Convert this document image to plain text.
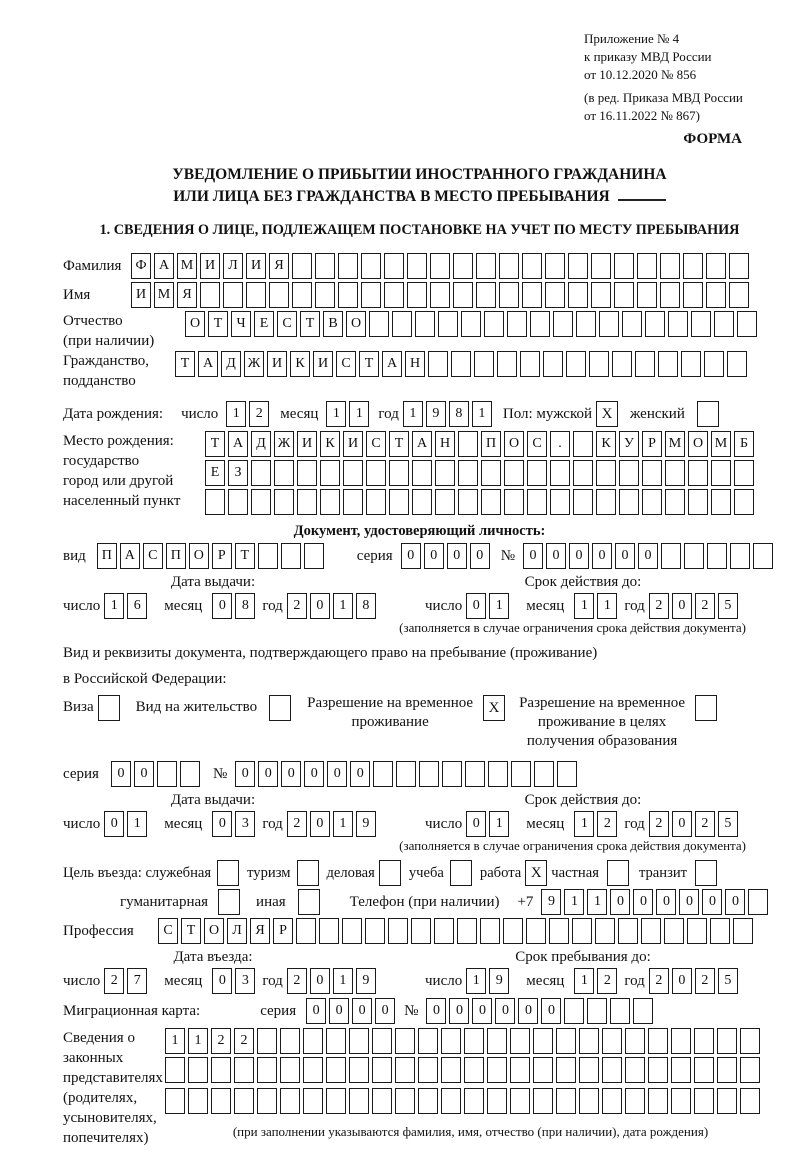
Приложение № 4
к приказу МВД России
от 10.12.2020 № 856
(в ред. Приказа МВД России
от 16.11.2022 № 867)
ФОРМА
УВЕДОМЛЕНИЕ О ПРИБЫТИИ ИНОСТРАННОГО ГРАЖДАНИНА
ИЛИ ЛИЦА БЕЗ ГРАЖДАНСТВА В МЕСТО ПРЕБЫВАНИЯ
1. СВЕДЕНИЯ О ЛИЦЕ, ПОДЛЕЖАЩЕМ ПОСТАНОВКЕ НА УЧЕТ ПО МЕСТУ ПРЕБЫВАНИЯ
Фамилия	Ф А М И Л И Я
Имя	И М Я
Отчество
(при наличии)
О Т	Ч	Е	С	Т	В О
Гражданство,
подданство
Т А Д Ж И К И С	Т А Н
Дата рождения: число	1	2	месяц	1	1	год 1	9	8	1	Пол: мужской X	женский
Место рождения:
государство
город или другой
населенный пункт
Т А Д Ж И К И С	Т А Н	П О С	.	К У	Р М О М Б

Е	З

Документ, удостоверяющий личность:
вид	П А С П О	Р	Т	серия	0	0	0	0	№	0	0	0	0	0	0
Дата выдачи:
число 1	6	месяц	0	8 год 2	0	1	8
Срок действия до:
число 0	1	месяц	1	1 год 2	0	2	5
(заполняется в случае ограничения срока действия документа)
Вид и реквизиты документа, подтверждающего право на пребывание (проживание)
в Российской Федерации:
Виза	Вид на жительство	Разрешение на временное
проживание
X	Разрешение на временное
проживание в целях
получения образования
серия	0	0	№	0	0	0	0	0	0
Дата выдачи:
число 0	1	месяц	0	3 год 2	0	1	9
Срок действия до:
число 0	1	месяц	1	2 год 2	0	2	5
(заполняется в случае ограничения срока действия документа)
Цель въезда: служебная туризм деловая учеба работа X частная	транзит
гуманитарная	иная	Телефон (при наличии) +7	9	1	1	0	0	0	0	0	0
Профессия	С	Т О Л Я	Р
Дата въезда:
число 2	7	месяц	0	3 год 2	0	1	9
Срок пребывания до:
число 1	9	месяц	1	2 год 2	0	2	5
Миграционная карта:	серия	0	0	0	0	№	0	0	0	0	0	0
Сведения о
законных
представителях
(родителях,
усыновителях,
попечителях)
1	1	2	2

(при заполнении указываются фамилия, имя, отчество (при наличии), дата рождения)
